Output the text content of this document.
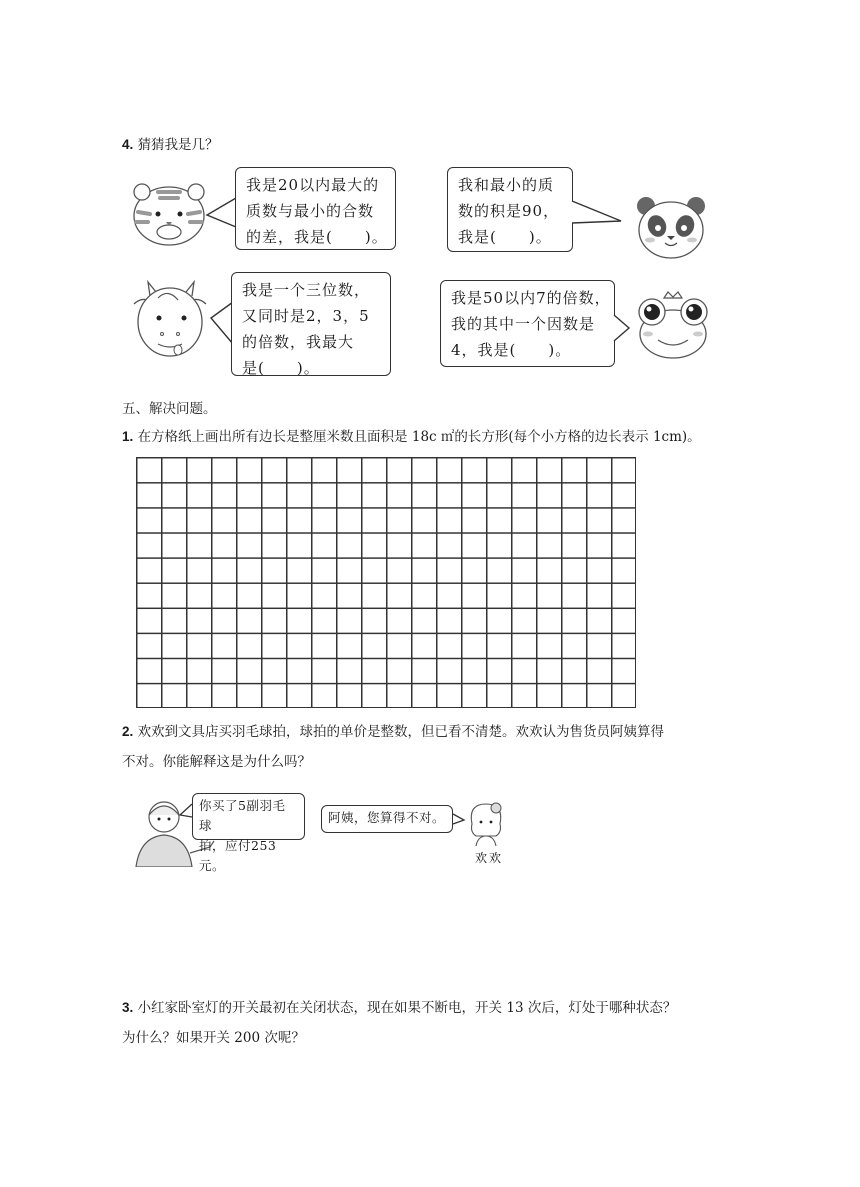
4. 猜猜我是几？
我是20以内最大的
质数与最小的合数
的差，我是(　　)。
我和最小的质
数的积是90，
我是(　　)。
我是一个三位数，
又同时是2，3，5
的倍数，我最大
是(　　)。
我是50以内7的倍数，
我的其中一个因数是
4，我是(　　)。
五、解决问题。
1. 在方格纸上画出所有边长是整厘米数且面积是 18c ㎡的长方形(每个小方格的边长表示 1cm)。
2. 欢欢到文具店买羽毛球拍，球拍的单价是整数，但已看不清楚。欢欢认为售货员阿姨算得
不对。你能解释这是为什么吗？
你买了5副羽毛球
拍，应付253元。
阿姨，您算得不对。
欢欢
3. 小红家卧室灯的开关最初在关闭状态，现在如果不断电，开关 13 次后，灯处于哪种状态？
为什么？如果开关 200 次呢？
